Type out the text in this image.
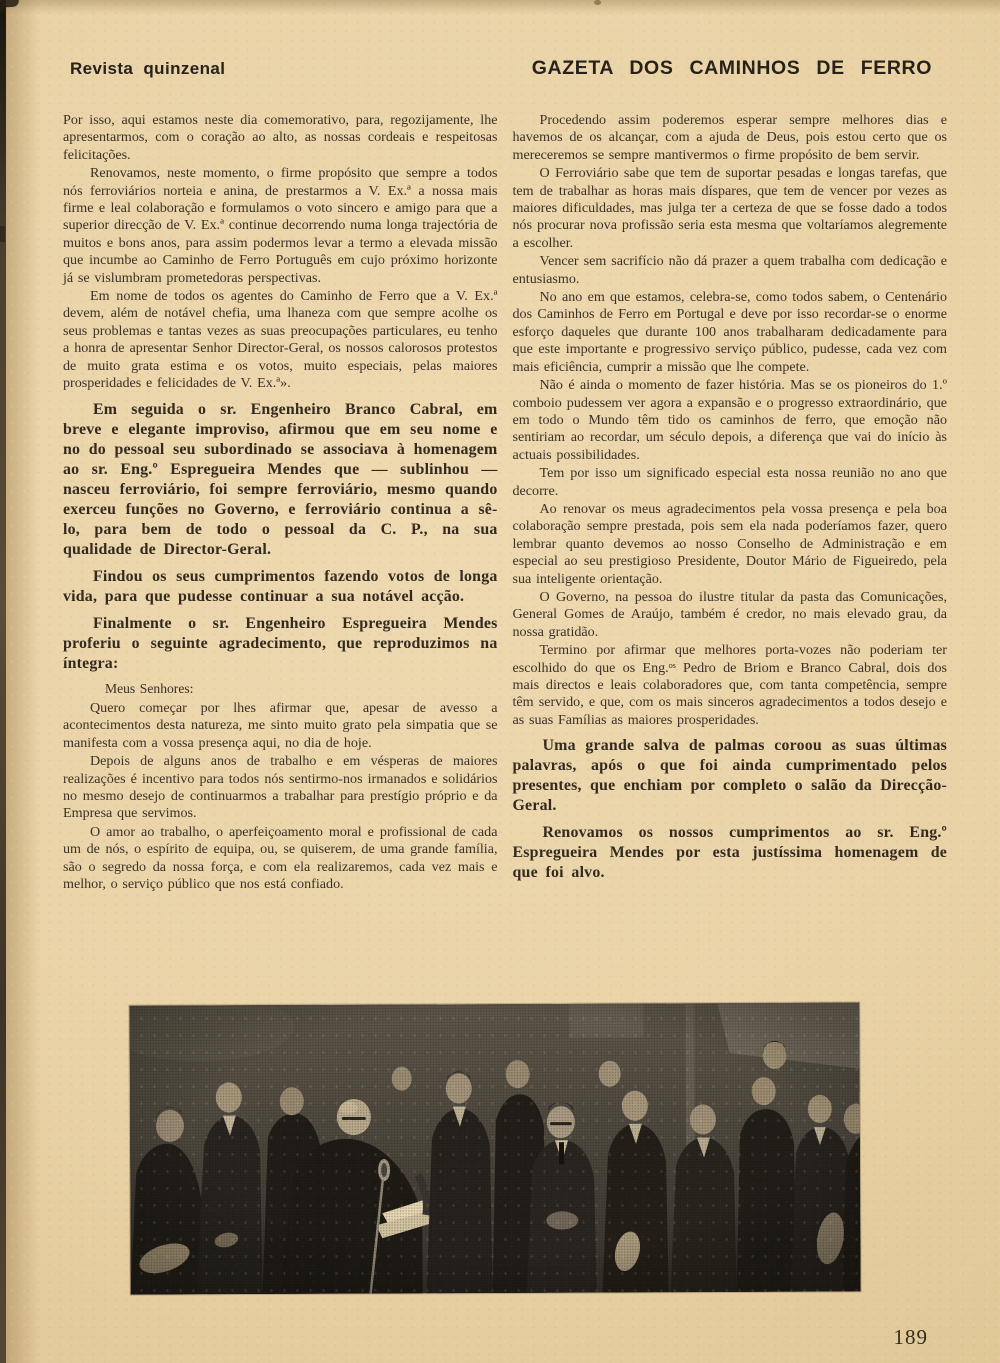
Revista quinzenal	GAZETA DOS CAMINHOS DE FERRO

Por isso, aqui estamos neste dia comemorativo, para, regozijamente, lhe apresentarmos, com o coração ao alto, as nossas cordeais e respeitosas felicitações.

Renovamos, neste momento, o firme propósito que sempre a todos nós ferroviários norteia e anina, de prestarmos a V. Ex.ª a nossa mais firme e leal colaboração e formulamos o voto sincero e amigo para que a superior direcção de V. Ex.ª continue decorrendo numa longa trajectória de muitos e bons anos, para assim podermos levar a termo a elevada missão que incumbe ao Caminho de Ferro Português em cujo próximo horizonte já se vislumbram prometedoras perspectivas.

Em nome de todos os agentes do Caminho de Ferro que a V. Ex.ª devem, além de notável chefia, uma lhaneza com que sempre acolhe os seus problemas e tantas vezes as suas preocupações particulares, eu tenho a honra de apresentar Senhor Director-Geral, os nossos calorosos protestos de muito grata estima e os votos, muito especiais, pelas maiores prosperidades e felicidades de V. Ex.ª».

Em seguida o sr. Engenheiro Branco Cabral, em breve e elegante improviso, afirmou que em seu nome e no do pessoal seu subordinado se associava à homenagem ao sr. Eng.º Espregueira Mendes que — sublinhou — nasceu ferroviário, foi sempre ferroviário, mesmo quando exerceu funções no Governo, e ferroviário continua a sê-lo, para bem de todo o pessoal da C. P., na sua qualidade de Director-Geral.

Findou os seus cumprimentos fazendo votos de longa vida, para que pudesse continuar a sua notável acção.

Finalmente o sr. Engenheiro Espregueira Mendes proferiu o seguinte agradecimento, que reproduzimos na íntegra:

Meus Senhores:

Quero começar por lhes afirmar que, apesar de avesso a acontecimentos desta natureza, me sinto muito grato pela simpatia que se manifesta com a vossa presença aqui, no dia de hoje.

Depois de alguns anos de trabalho e em vésperas de maiores realizações é incentivo para todos nós sentirmo-nos irmanados e solidários no mesmo desejo de continuarmos a trabalhar para prestígio próprio e da Empresa que servimos.

O amor ao trabalho, o aperfeiçoamento moral e profissional de cada um de nós, o espírito de equipa, ou, se quiserem, de uma grande família, são o segredo da nossa força, e com ela realizaremos, cada vez mais e melhor, o serviço público que nos está confiado.

Procedendo assim poderemos esperar sempre melhores dias e havemos de os alcançar, com a ajuda de Deus, pois estou certo que os mereceremos se sempre mantivermos o firme propósito de bem servir.

O Ferroviário sabe que tem de suportar pesadas e longas tarefas, que tem de trabalhar as horas mais díspares, que tem de vencer por vezes as maiores dificuldades, mas julga ter a certeza de que se fosse dado a todos nós procurar nova profissão seria esta mesma que voltaríamos alegremente a escolher.

Vencer sem sacrifício não dá prazer a quem trabalha com dedicação e entusiasmo.

No ano em que estamos, celebra-se, como todos sabem, o Centenário dos Caminhos de Ferro em Portugal e deve por isso recordar-se o enorme esforço daqueles que durante 100 anos trabalharam dedicadamente para que este importante e progressivo serviço público, pudesse, cada vez com mais eficiência, cumprir a missão que lhe compete.

Não é ainda o momento de fazer história. Mas se os pioneiros do 1.º comboio pudessem ver agora a expansão e o progresso extraordinário, que em todo o Mundo têm tido os caminhos de ferro, que emoção não sentiriam ao recordar, um século depois, a diferença que vai do início às actuais possibilidades.

Tem por isso um significado especial esta nossa reunião no ano que decorre.

Ao renovar os meus agradecimentos pela vossa presença e pela boa colaboração sempre prestada, pois sem ela nada poderíamos fazer, quero lembrar quanto devemos ao nosso Conselho de Administração e em especial ao seu prestigioso Presidente, Doutor Mário de Figueiredo, pela sua inteligente orientação.

O Governo, na pessoa do ilustre titular da pasta das Comunicações, General Gomes de Araújo, também é credor, no mais elevado grau, da nossa gratidão.

Termino por afirmar que melhores porta-vozes não poderiam ter escolhido do que os Eng.ᵒˢ Pedro de Briom e Branco Cabral, dois dos mais directos e leais colaboradores que, com tanta competência, sempre têm servido, e que, com os mais sinceros agradecimentos a todos desejo e as suas Famílias as maiores prosperidades.

Uma grande salva de palmas coroou as suas últimas palavras, após o que foi ainda cumprimentado pelos presentes, que enchiam por completo o salão da Direcção-Geral.

Renovamos os nossos cumprimentos ao sr. Eng.º Espregueira Mendes por esta justíssima homenagem de que foi alvo.

189
